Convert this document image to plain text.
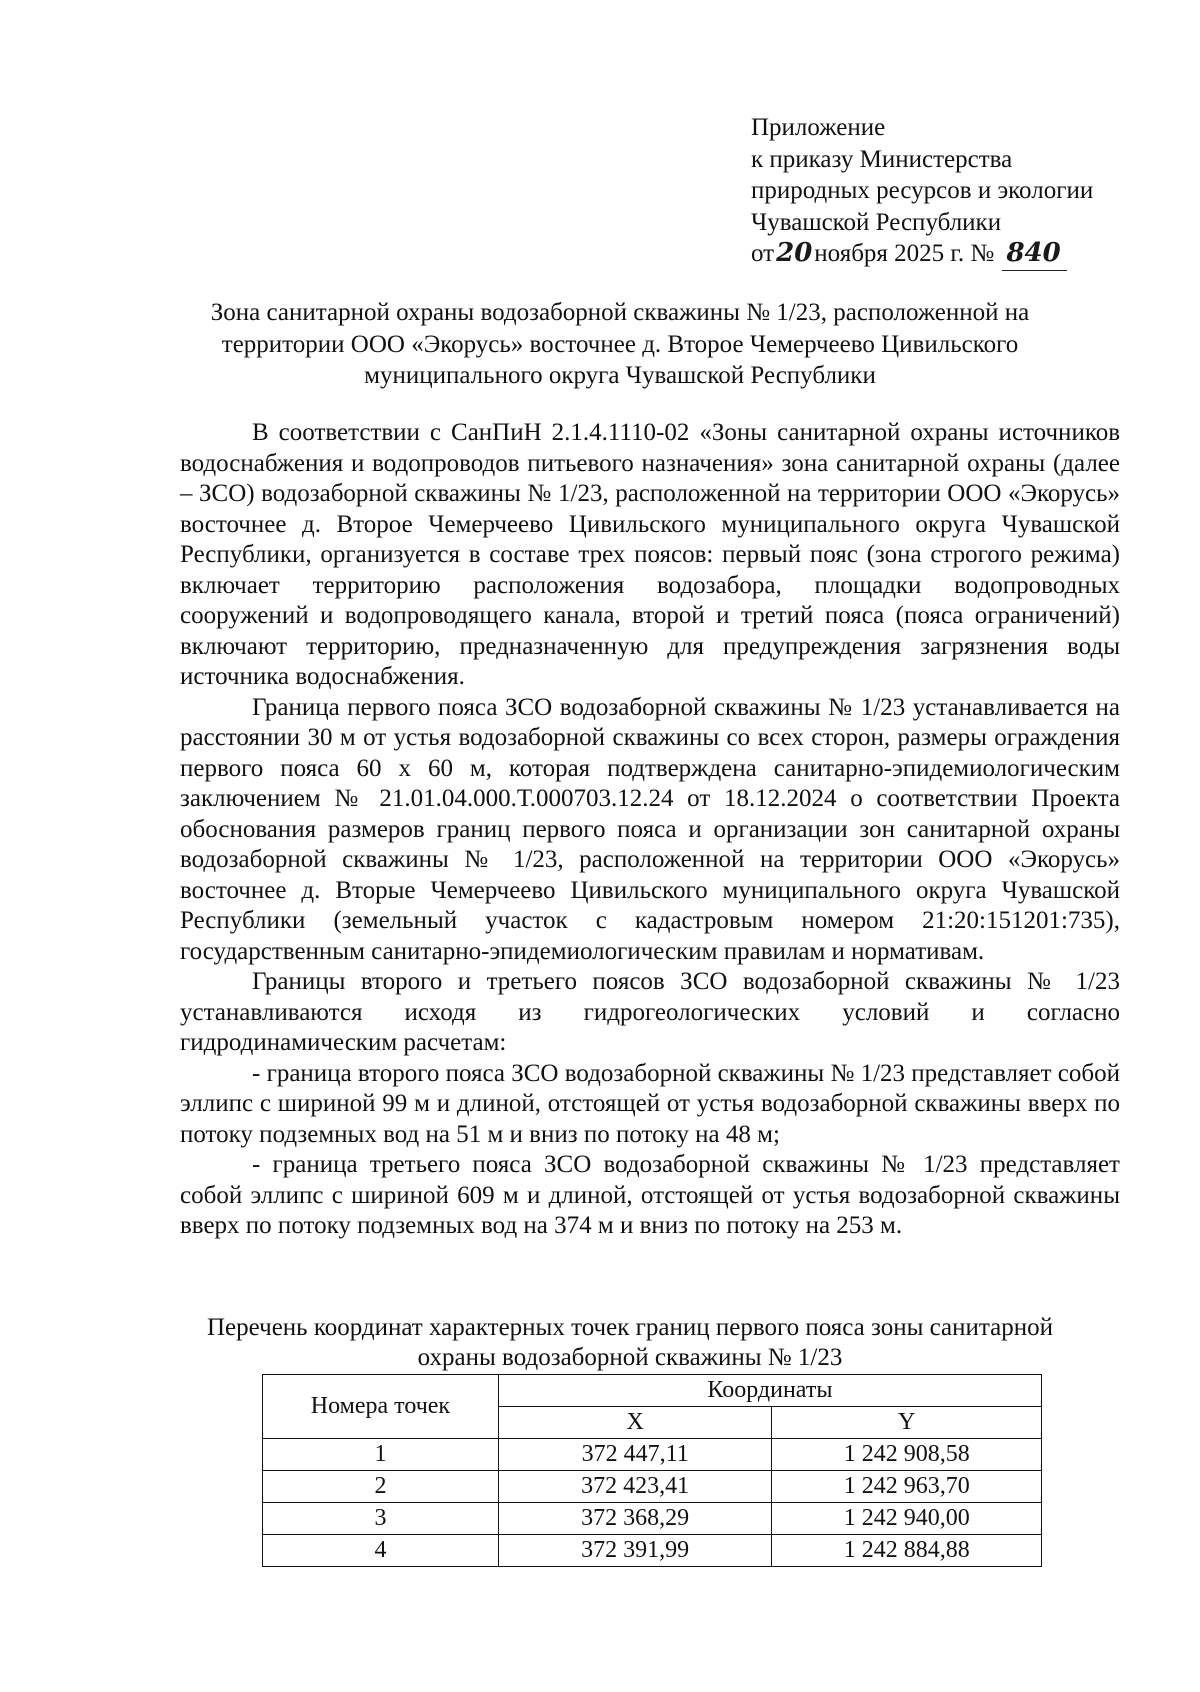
Приложение
к приказу Министерства
природных ресурсов и экологии
Чувашской Республики
от20ноября 2025 г. № 840
Зона санитарной охраны водозаборной скважины № 1/23, расположенной на
территории ООО «Экорусь» восточнее д. Второе Чемерчеево Цивильского
муниципального округа Чувашской Республики

В соответствии с СанПиН 2.1.4.1110-02 «Зоны санитарной охраны источников водоснабжения и водопроводов питьевого назначения» зона санитарной охраны (далее – ЗСО) водозаборной скважины № 1/23, расположенной на территории ООО «Экорусь» восточнее д. Второе Чемерчеево Цивильского муниципального округа Чувашской Республики, организуется в составе трех поясов: первый пояс (зона строгого режима) включает территорию расположения водозабора, площадки водопроводных сооружений и водопроводящего канала, второй и третий пояса (пояса ограничений) включают территорию, предназначенную для предупреждения загрязнения воды источника водоснабжения.

Граница первого пояса ЗСО водозаборной скважины № 1/23 устанавливается на расстоянии 30 м от устья водозаборной скважины со всех сторон, размеры ограждения первого пояса 60 х 60 м, которая подтверждена санитарно-эпидемиологическим заключением № 21.01.04.000.Т.000703.12.24 от 18.12.2024 о соответствии Проекта обоснования размеров границ первого пояса и организации зон санитарной охраны водозаборной скважины № 1/23, расположенной на территории ООО «Экорусь» восточнее д. Вторые Чемерчеево Цивильского муниципального округа Чувашской Республики (земельный участок с кадастровым номером 21:20:151201:735), государственным санитарно-эпидемиологическим правилам и нормативам.

Границы второго и третьего поясов ЗСО водозаборной скважины № 1/23 устанавливаются исходя из гидрогеологических условий и согласно гидродинамическим расчетам:

- граница второго пояса ЗСО водозаборной скважины № 1/23 представляет собой эллипс с шириной 99 м и длиной, отстоящей от устья водозаборной скважины вверх по потоку подземных вод на 51 м и вниз по потоку на 48 м;

- граница третьего пояса ЗСО водозаборной скважины № 1/23 представляет собой эллипс с шириной 609 м и длиной, отстоящей от устья водозаборной скважины вверх по потоку подземных вод на 374 м и вниз по потоку на 253 м.

Перечень координат характерных точек границ первого пояса зоны санитарной
охраны водозаборной скважины № 1/23
Номера точек	Координаты	
	X	Y
1	372 447,11	1 242 908,58
2	372 423,41	1 242 963,70
3	372 368,29	1 242 940,00
4	372 391,99	1 242 884,88
